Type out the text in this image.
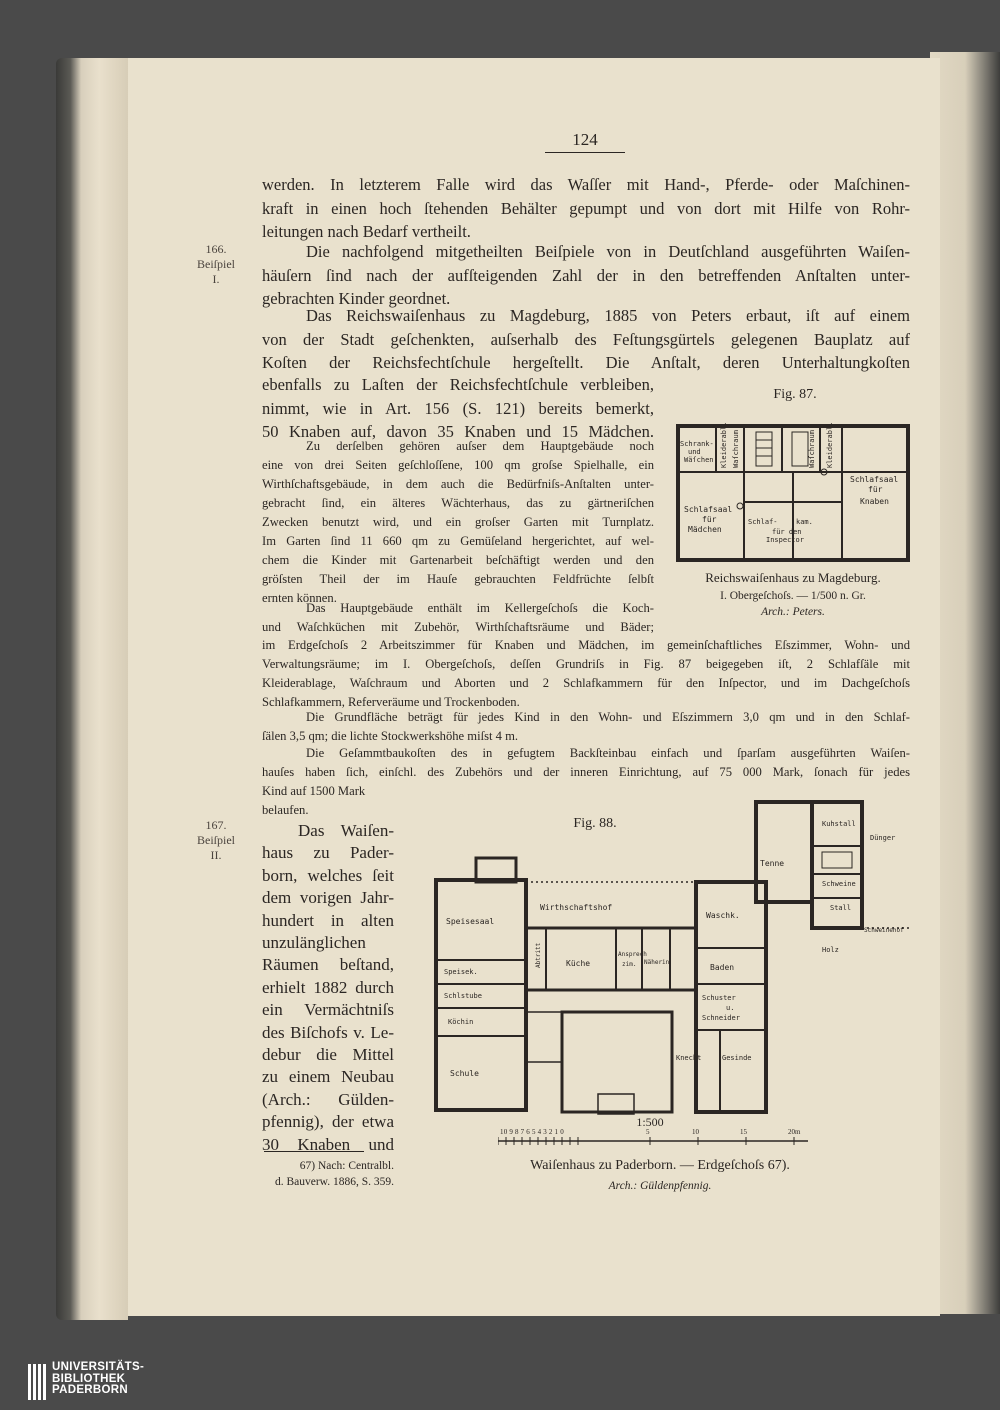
124
166.
Beiſpiel
I.
167.
Beiſpiel
II.
werden. In letzterem Falle wird das Waſſer mit Hand-, Pferde- oder Maſchinen-
kraft in einen hoch ſtehenden Behälter gepumpt und von dort mit Hilfe von Rohr-
leitungen nach Bedarf vertheilt.
Die nachfolgend mitgetheilten Beiſpiele von in Deutſchland ausgeführten Waiſen-
häuſern ſind nach der aufſteigenden Zahl der in den betreffenden Anſtalten unter-
gebrachten Kinder geordnet.
Das Reichswaiſenhaus zu Magdeburg, 1885 von Peters erbaut, iſt auf einem
von der Stadt geſchenkten, auſserhalb des Feſtungsgürtels gelegenen Bauplatz auf
Koſten der Reichsfechtſchule hergeſtellt. Die Anſtalt, deren Unterhaltungkoſten
ebenfalls zu Laſten der Reichsfechtſchule verbleiben,
nimmt, wie in Art. 156 (S. 121) bereits bemerkt,
50 Knaben auf, davon 35 Knaben und 15 Mädchen.
Zu derſelben gehören auſser dem Hauptgebäude noch
eine von drei Seiten geſchloſſene, 100 qm groſse Spielhalle, ein
Wirthſchaftsgebäude, in dem auch die Bedürfniſs-Anſtalten unter-
gebracht ſind, ein älteres Wächterhaus, das zu gärtneriſchen
Zwecken benutzt wird, und ein groſser Garten mit Turnplatz.
Im Garten ſind 11 660 qm zu Gemüſeland hergerichtet, auf wel-
chem die Kinder mit Gartenarbeit beſchäftigt werden und den
gröſsten Theil der im Hauſe gebrauchten Feldfrüchte ſelbſt
ernten können.
Das Hauptgebäude enthält im Kellergeſchoſs die Koch-
und Waſchküchen mit Zubehör, Wirthſchaftsräume und Bäder;
im Erdgeſchoſs 2 Arbeitszimmer für Knaben und Mädchen, im gemeinſchaftliches Eſszimmer, Wohn- und
Verwaltungsräume; im I. Obergeſchoſs, deſſen Grundriſs in Fig. 87 beigegeben iſt, 2 Schlafſäle mit
Kleiderablage, Waſchraum und Aborten und 2 Schlafkammern für den Inſpector, und im Dachgeſchoſs
Schlafkammern, Referveräume und Trockenboden.
Die Grundfläche beträgt für jedes Kind in den Wohn- und Eſszimmern 3,0 qm und in den Schlaf-
ſälen 3,5 qm; die lichte Stockwerkshöhe miſst 4 m.
Die Geſammtbaukoſten des in gefugtem Backſteinbau einfach und ſparſam ausgeführten Waiſen-
hauſes haben ſich, einſchl. des Zubehörs und der inneren Einrichtung, auf 75 000 Mark, ſonach für jedes
Kind auf 1500 Mark
belaufen.
Das Waiſen-
haus zu Pader-
born, welches ſeit
dem vorigen Jahr-
hundert in alten
unzulänglichen
Räumen beſtand,
erhielt 1882 durch
ein Vermächtniſs
des Biſchofs v. Le-
debur die Mittel
zu einem Neubau
(Arch.: Gülden-
pfennig), der etwa
30 Knaben und
67) Nach: Centralbl.
d. Bauverw. 1886, S. 359.
Fig. 87.
Schrank-
und
Wäſchen Kleiderabl. Waſchraum	Waſchraum Kleiderabl.
Schlafsaal
für
Knaben
Schlafsaal
für
Mädchen
Schlaf-	kam.
für den
Inspector
Reichswaiſenhaus zu Magdeburg.
I. Obergeſchoſs. — 1/500 n. Gr.
Arch.: Peters.
Fig. 88.
Speisesaal
Wirthschaftshof
Tenne
Dünger
Schweine
Stall
Kuhstall
Schweinehof
Holz
Waschk.
Baden
Küche
Ansprech
zim. Näherin
Speisek.
Schlstube
Köchin
Schule
Schuster
u.
Schneider
Knecht	Gesinde
Abtritt
1:500
10 9 8 7 6 5 4 3 2 1 0	5	10	15	20m
Waiſenhaus zu Paderborn. — Erdgeſchoſs 67).
Arch.: Güldenpfennig.
UNIVERSITÄTS-
BIBLIOTHEK
PADERBORN
